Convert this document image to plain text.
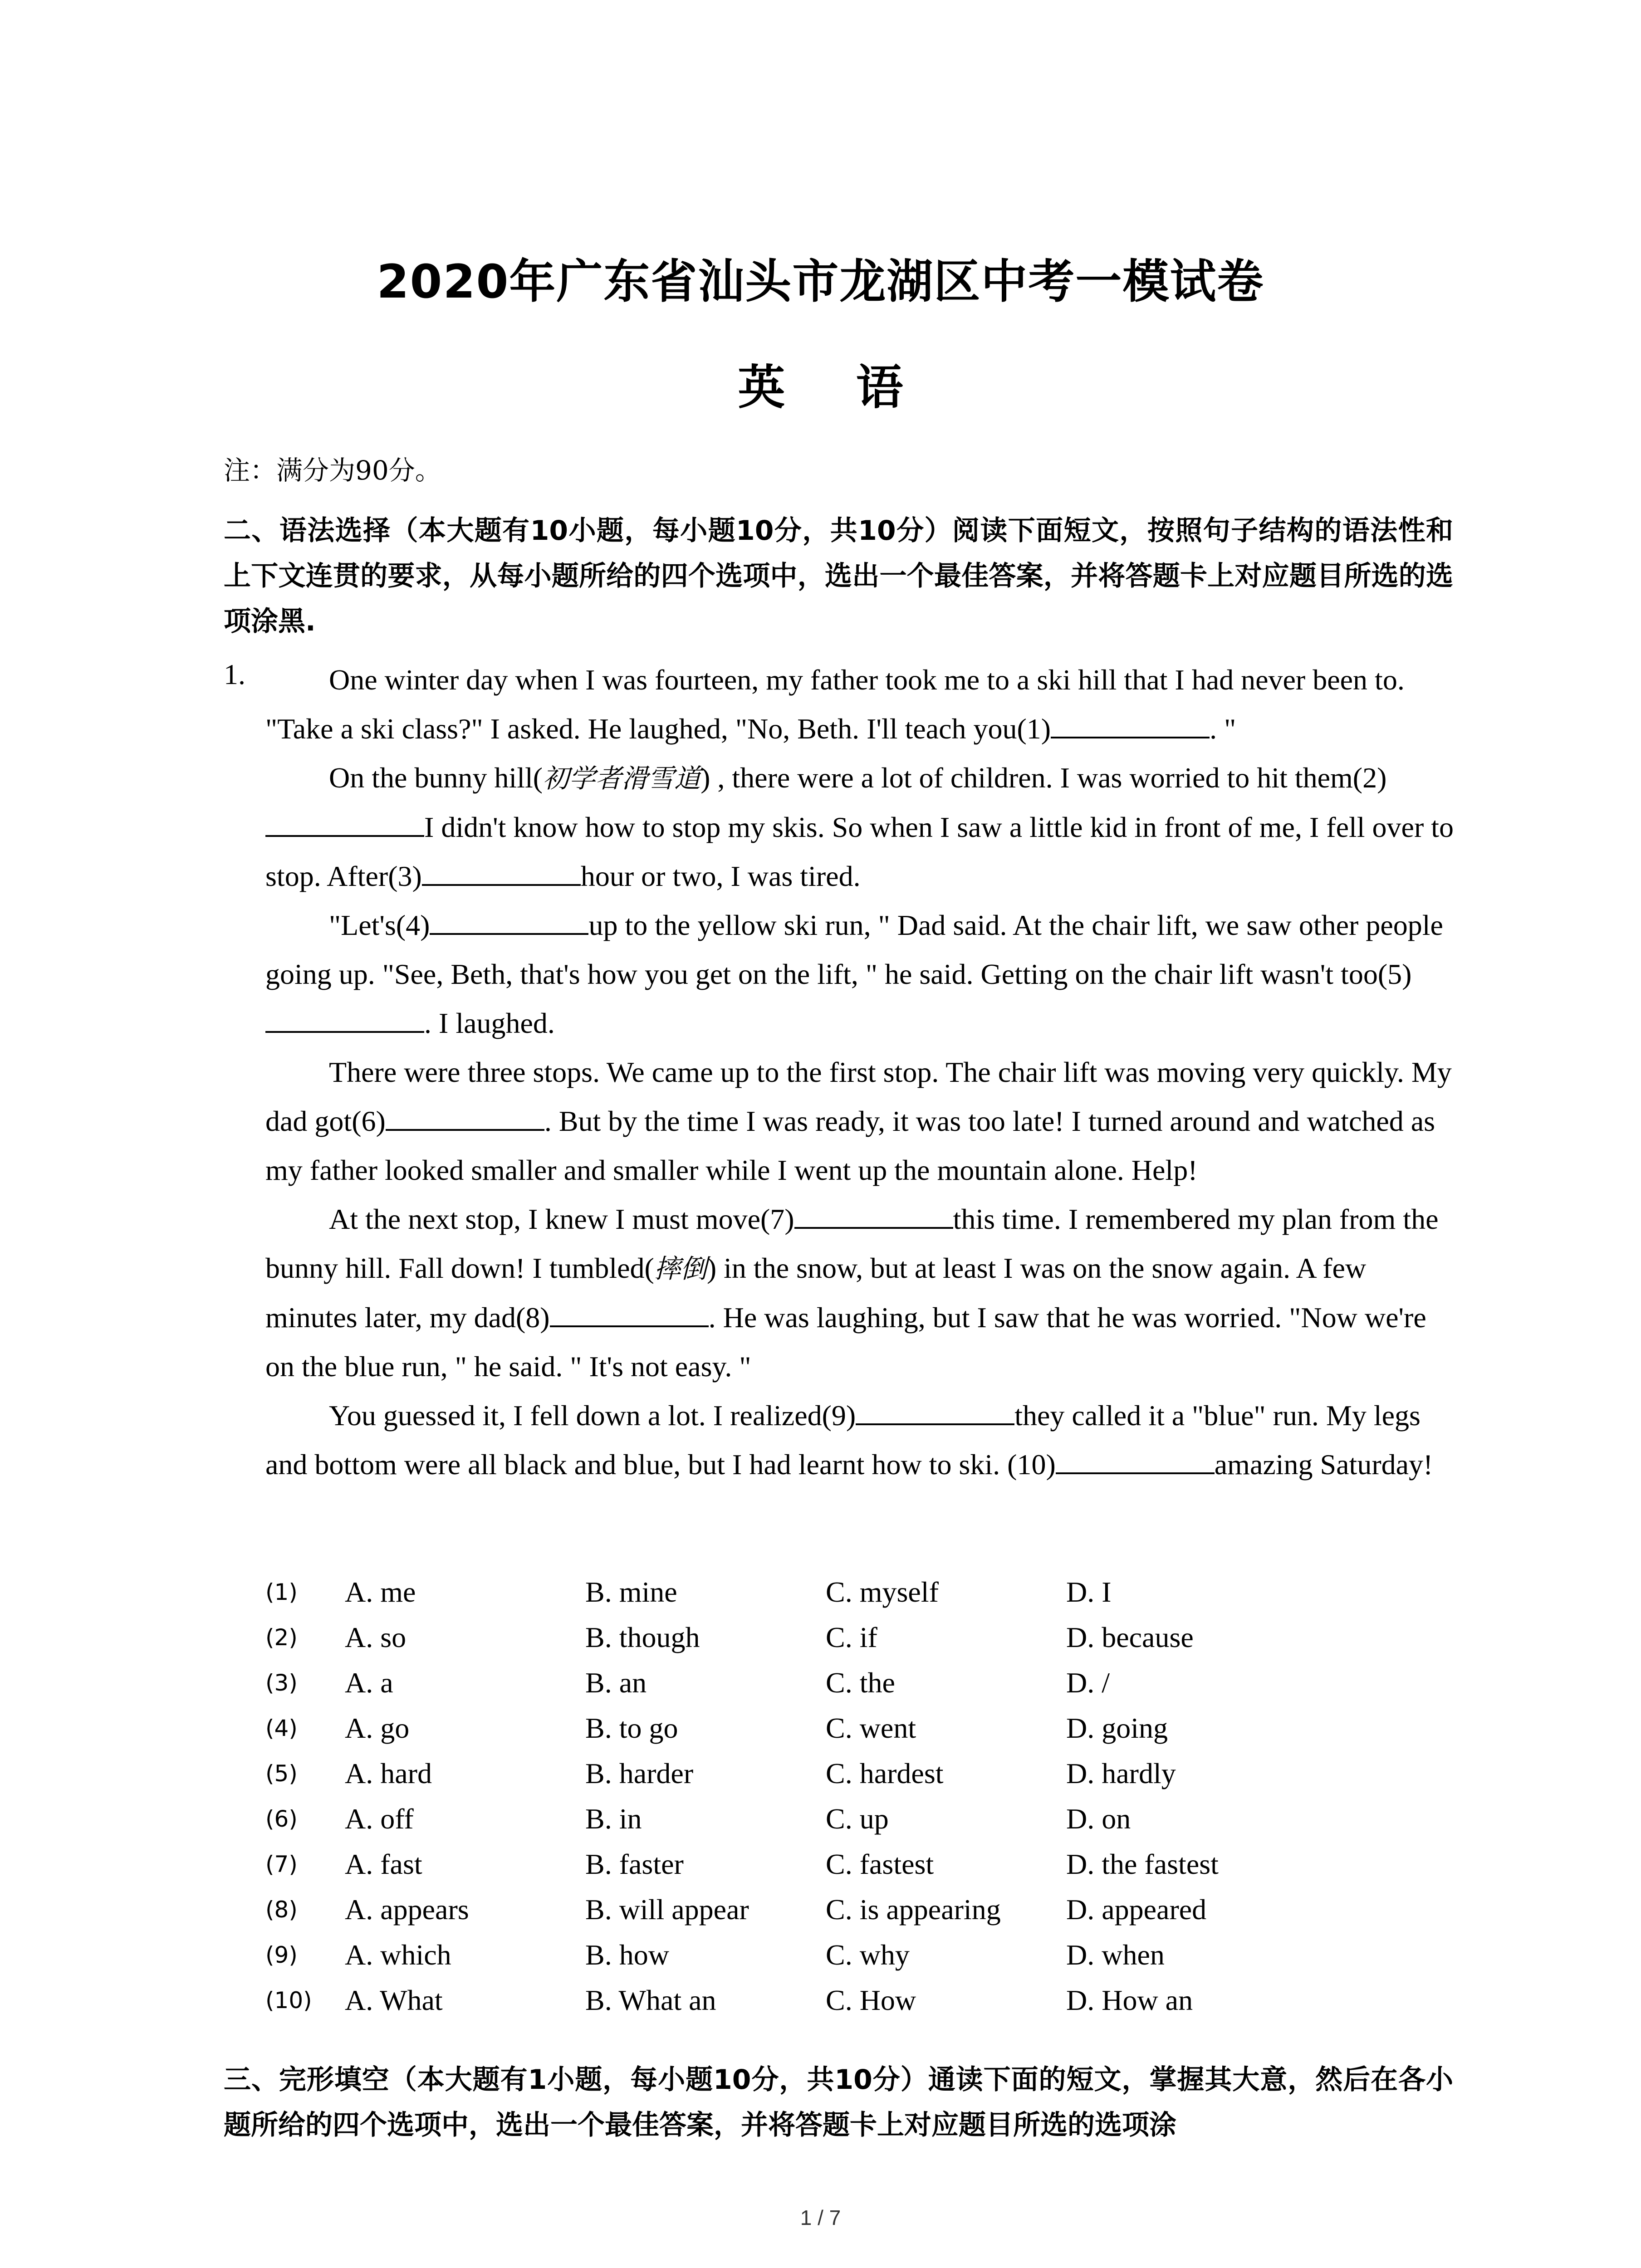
2020年广东省汕头市龙湖区中考一模试卷
英 语
注：满分为90分。
二、语法选择（本大题有10小题，每小题10分，共10分）阅读下面短文，按照句子结构的语法性和上下文连贯的要求，从每小题所给的四个选项中，选出一个最佳答案，并将答题卡上对应题目所选的选项涂黑.
1.	One winter day when I was fourteen, my father took me to a ski hill that I had never been to. "Take a ski class?" I asked. He laughed, "No, Beth. I'll teach you(1)	. "

On the bunny hill(初学者滑雪道) , there were a lot of children. I was worried to hit them(2)I didn't know how to stop my skis. So when I saw a little kid in front of me, I fell over to stop. After(3)	hour or two, I was tired.

"Let's(4)	up to the yellow ski run, " Dad said. At the chair lift, we saw other people going up. "See, Beth, that's how you get on the lift, " he said. Getting on the chair lift wasn't too(5). I laughed.

There were three stops. We came up to the first stop. The chair lift was moving very quickly. My dad got(6)	. But by the time I was ready, it was too late! I turned around and watched as my father looked smaller and smaller while I went up the mountain alone. Help!

At the next stop, I knew I must move(7)	this time. I remembered my plan from the bunny hill. Fall down! I tumbled(摔倒) in the snow, but at least I was on the snow again. A few minutes later, my dad(8)	. He was laughing, but I saw that he was worried. "Now we're on the blue run, " he said. " It's not easy. "

You guessed it, I fell down a lot. I realized(9)	they called it a "blue" run. My legs and bottom were all black and blue, but I had learnt how to ski. (10)	amazing Saturday!

(1) A. me	B. mine	C. myself	D. I
(2) A. so	B. though	C. if	D. because
(3) A. a	B. an	C. the	D. /
(4) A. go	B. to go	C. went	D. going
(5) A. hard	B. harder	C. hardest	D. hardly
(6) A. off	B. in	C. up	D. on
(7) A. fast	B. faster	C. fastest	D. the fastest
(8) A. appears	B. will appear	C. is appearing D. appeared
(9) A. which	B. how	C. why	D. when
(10) A. What	B. What an	C. How	D. How an
三、完形填空（本大题有1小题，每小题10分，共10分）通读下面的短文，掌握其大意，然后在各小题所给的四个选项中，选出一个最佳答案，并将答题卡上对应题目所选的选项涂
1 / 7
